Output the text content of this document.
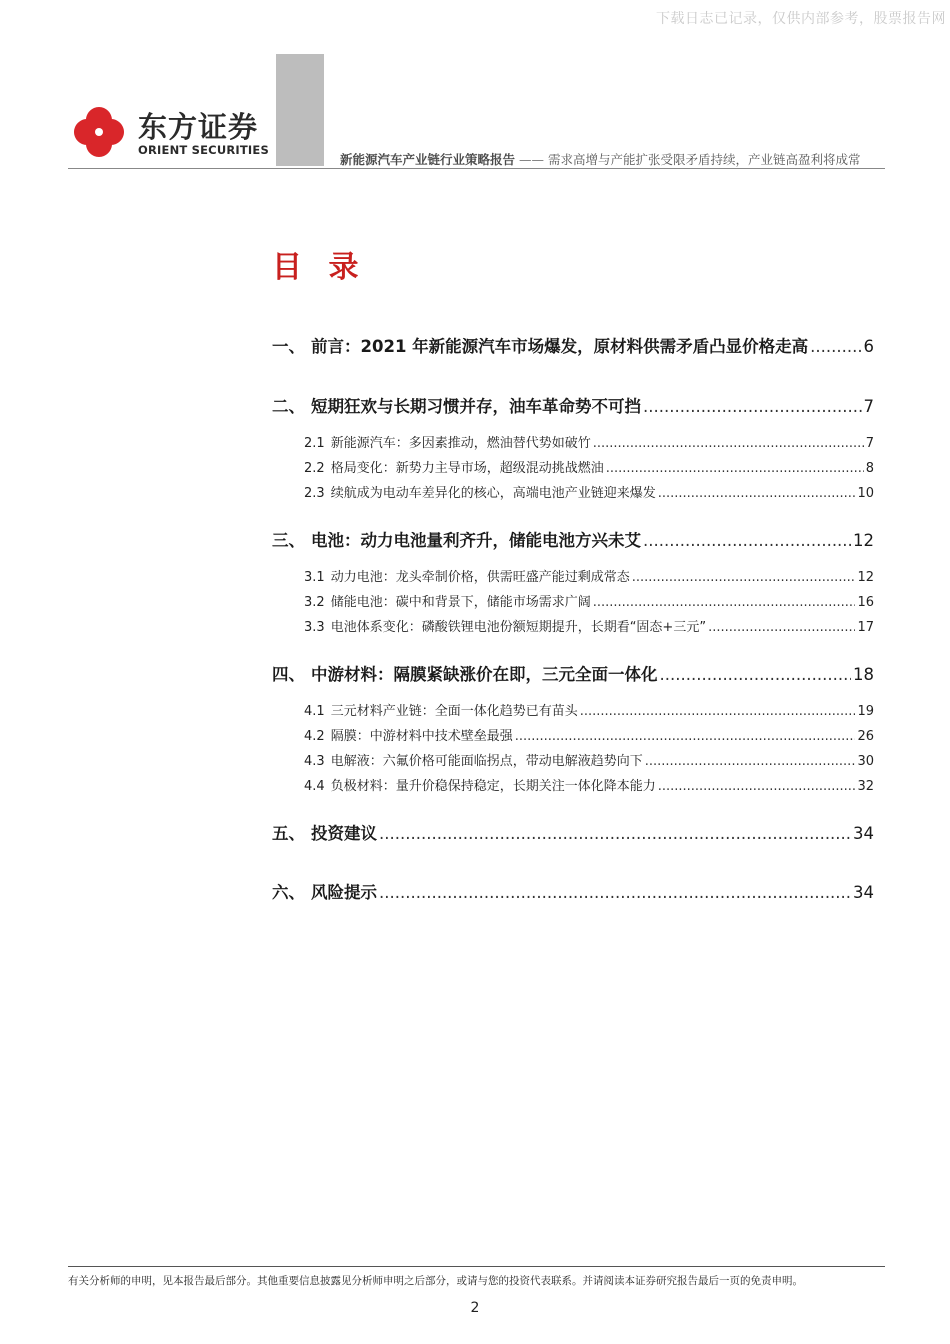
下载日志已记录，仅供内部参考，股票报告网
东方证券
ORIENT SECURITIES
新能源汽车产业链行业策略报告 —— 需求高增与产能扩张受限矛盾持续，产业链高盈利将成常
目 录
一、 前言：2021 年新能源汽车市场爆发，原材料供需矛盾凸显价格走高 .....	6
二、 短期狂欢与长期习惯并存，油车革命势不可挡 .....	7
2.1 新能源汽车：多因素推动，燃油替代势如破竹 .....	7
2.2 格局变化：新势力主导市场，超级混动挑战燃油 .....	8
2.3 续航成为电动车差异化的核心，高端电池产业链迎来爆发 .....	10
三、 电池：动力电池量利齐升，储能电池方兴未艾 .....	12
3.1 动力电池：龙头牵制价格，供需旺盛产能过剩成常态 .....	12
3.2 储能电池：碳中和背景下，储能市场需求广阔 .....	16
3.3 电池体系变化：磷酸铁锂电池份额短期提升，长期看“固态+三元” .....	17
四、 中游材料：隔膜紧缺涨价在即，三元全面一体化 .....	18
4.1 三元材料产业链：全面一体化趋势已有苗头 .....	19
4.2 隔膜：中游材料中技术壁垒最强 .....	26
4.3 电解液：六氟价格可能面临拐点，带动电解液趋势向下 .....	30
4.4 负极材料：量升价稳保持稳定，长期关注一体化降本能力 .....	32
五、 投资建议 .....	34
六、 风险提示 .....	34
有关分析师的申明，见本报告最后部分。其他重要信息披露见分析师申明之后部分，或请与您的投资代表联系。并请阅读本证券研究报告最后一页的免责申明。
2
